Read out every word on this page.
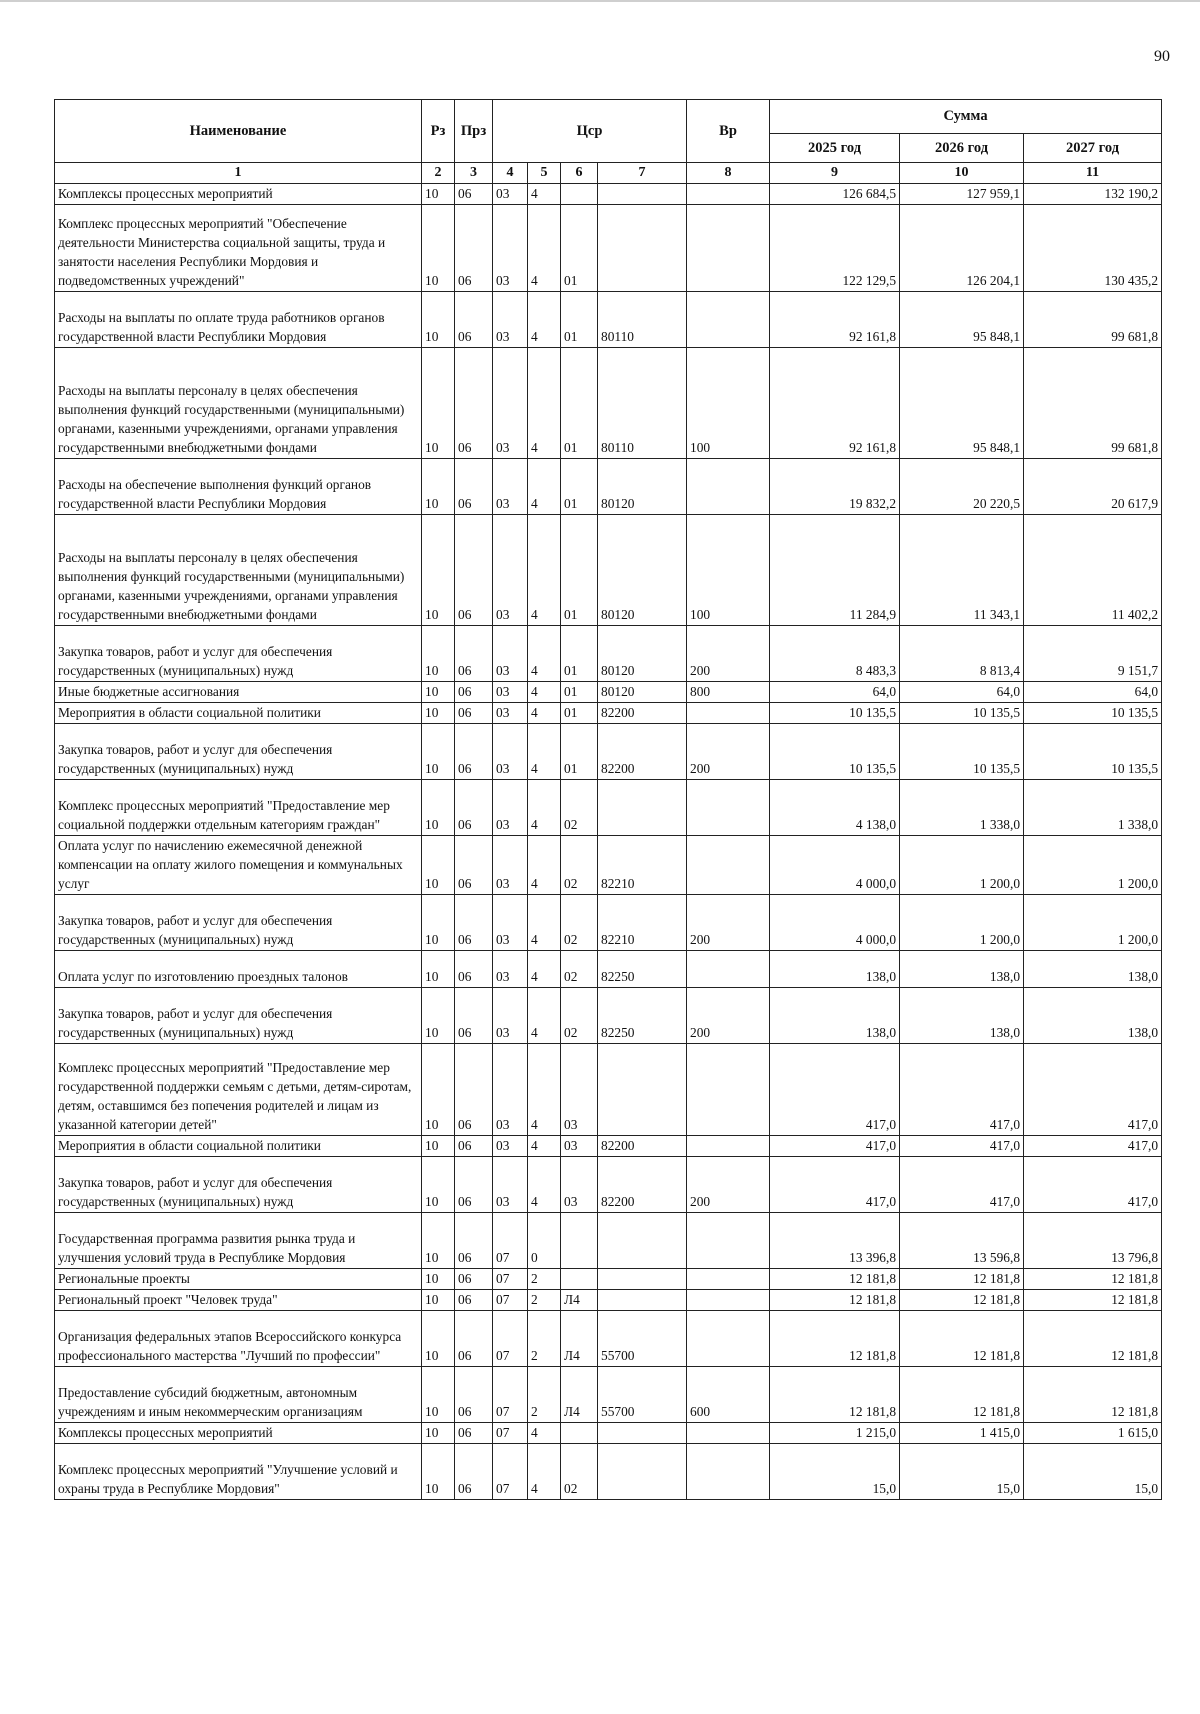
90
Наименование	Рз	Прз	Цср				Вр	Сумма		
								2025 год	2026 год	2027 год
1	2	3	4	5	6	7	8	9	10	11
Комплексы процессных мероприятий	10	06	03	4				126 684,5	127 959,1	132 190,2
Комплекс процессных мероприятий "Обеспечение деятельности Министерства социальной защиты, труда и занятости населения Республики Мордовия и подведомственных учреждений"	10	06	03	4	01			122 129,5	126 204,1	130 435,2
Расходы на выплаты по оплате труда работников органов государственной власти Республики Мордовия	10	06	03	4	01	80110		92 161,8	95 848,1	99 681,8
Расходы на выплаты персоналу в целях обеспечения выполнения функций государственными (муниципальными) органами, казенными учреждениями, органами управления государственными внебюджетными фондами	10	06	03	4	01	80110	100	92 161,8	95 848,1	99 681,8
Расходы на обеспечение выполнения функций органов государственной власти Республики Мордовия	10	06	03	4	01	80120		19 832,2	20 220,5	20 617,9
Расходы на выплаты персоналу в целях обеспечения выполнения функций государственными (муниципальными) органами, казенными учреждениями, органами управления государственными внебюджетными фондами	10	06	03	4	01	80120	100	11 284,9	11 343,1	11 402,2
Закупка товаров, работ и услуг для обеспечения государственных (муниципальных) нужд	10	06	03	4	01	80120	200	8 483,3	8 813,4	9 151,7
Иные бюджетные ассигнования	10	06	03	4	01	80120	800	64,0	64,0	64,0
Мероприятия в области социальной политики	10	06	03	4	01	82200		10 135,5	10 135,5	10 135,5
Закупка товаров, работ и услуг для обеспечения государственных (муниципальных) нужд	10	06	03	4	01	82200	200	10 135,5	10 135,5	10 135,5
Комплекс процессных мероприятий "Предоставление мер социальной поддержки отдельным категориям граждан"	10	06	03	4	02			4 138,0	1 338,0	1 338,0
Оплата услуг по начислению ежемесячной денежной компенсации на оплату жилого помещения и коммунальных услуг	10	06	03	4	02	82210		4 000,0	1 200,0	1 200,0
Закупка товаров, работ и услуг для обеспечения государственных (муниципальных) нужд	10	06	03	4	02	82210	200	4 000,0	1 200,0	1 200,0
Оплата услуг по изготовлению проездных талонов	10	06	03	4	02	82250		138,0	138,0	138,0
Закупка товаров, работ и услуг для обеспечения государственных (муниципальных) нужд	10	06	03	4	02	82250	200	138,0	138,0	138,0
Комплекс процессных мероприятий "Предоставление мер государственной поддержки семьям с детьми, детям-сиротам, детям, оставшимся без попечения родителей и лицам из указанной категории детей"	10	06	03	4	03			417,0	417,0	417,0
Мероприятия в области социальной политики	10	06	03	4	03	82200		417,0	417,0	417,0
Закупка товаров, работ и услуг для обеспечения государственных (муниципальных) нужд	10	06	03	4	03	82200	200	417,0	417,0	417,0
Государственная программа развития рынка труда и улучшения условий труда в Республике Мордовия	10	06	07	0				13 396,8	13 596,8	13 796,8
Региональные проекты	10	06	07	2				12 181,8	12 181,8	12 181,8
Региональный проект "Человек труда"	10	06	07	2	Л4			12 181,8	12 181,8	12 181,8
Организация федеральных этапов Всероссийского конкурса профессионального мастерства "Лучший по профессии"	10	06	07	2	Л4	55700		12 181,8	12 181,8	12 181,8
Предоставление субсидий бюджетным, автономным учреждениям и иным некоммерческим организациям	10	06	07	2	Л4	55700	600	12 181,8	12 181,8	12 181,8
Комплексы процессных мероприятий	10	06	07	4				1 215,0	1 415,0	1 615,0
Комплекс процессных мероприятий "Улучшение условий и охраны труда в Республике Мордовия"	10	06	07	4	02			15,0	15,0	15,0
